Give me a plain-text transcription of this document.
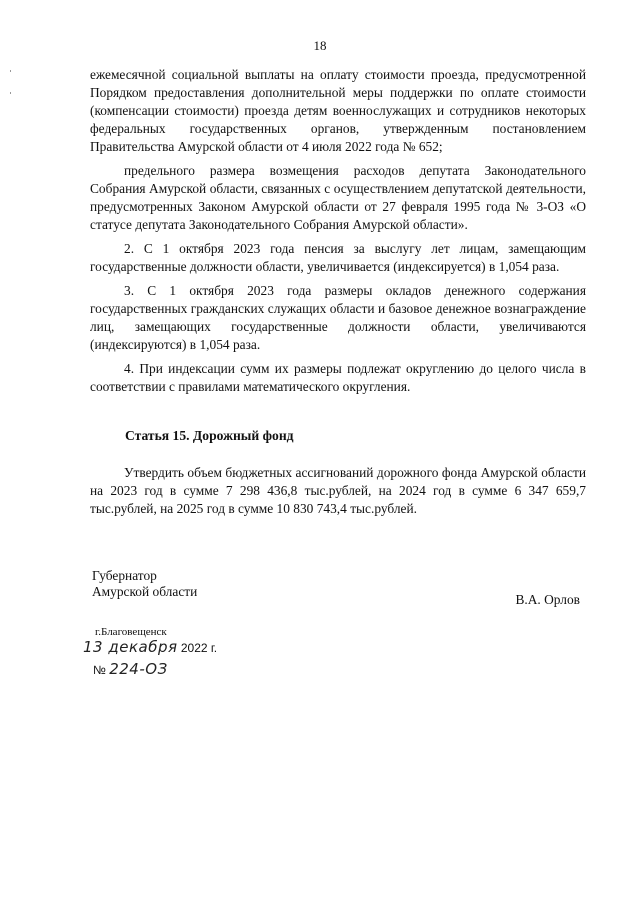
18

ежемесячной социальной выплаты на оплату стоимости проезда, предусмотренной Порядком предоставления дополнительной меры поддержки по оплате стоимости (компенсации стоимости) проезда детям военнослужащих и сотрудников некоторых федеральных государственных органов, утвержденным постановлением Правительства Амурской области от 4 июля 2022 года № 652;

предельного размера возмещения расходов депутата Законодательного Собрания Амурской области, связанных с осуществлением депутатской деятельности, предусмотренных Законом Амурской области от 27 февраля 1995 года № 3-ОЗ «О статусе депутата Законодательного Собрания Амурской области».

2. С 1 октября 2023 года пенсия за выслугу лет лицам, замещающим государственные должности области, увеличивается (индексируется) в 1,054 раза.

3. С 1 октября 2023 года размеры окладов денежного содержания государственных гражданских служащих области и базовое денежное вознаграждение лиц, замещающих государственные должности области, увеличиваются (индексируются) в 1,054 раза.

4. При индексации сумм их размеры подлежат округлению до целого числа в соответствии с правилами математического округления.

Статья 15. Дорожный фонд

Утвердить объем бюджетных ассигнований дорожного фонда Амурской области на 2023 год в сумме 7 298 436,8 тыс.рублей, на 2024 год в сумме 6 347 659,7 тыс.рублей, на 2025 год в сумме 10 830 743,4 тыс.рублей.

Губернатор
Амурской области
В.А. Орлов
г.Благовещенск
13 декабря 2022 г.
№ 224-ОЗ
